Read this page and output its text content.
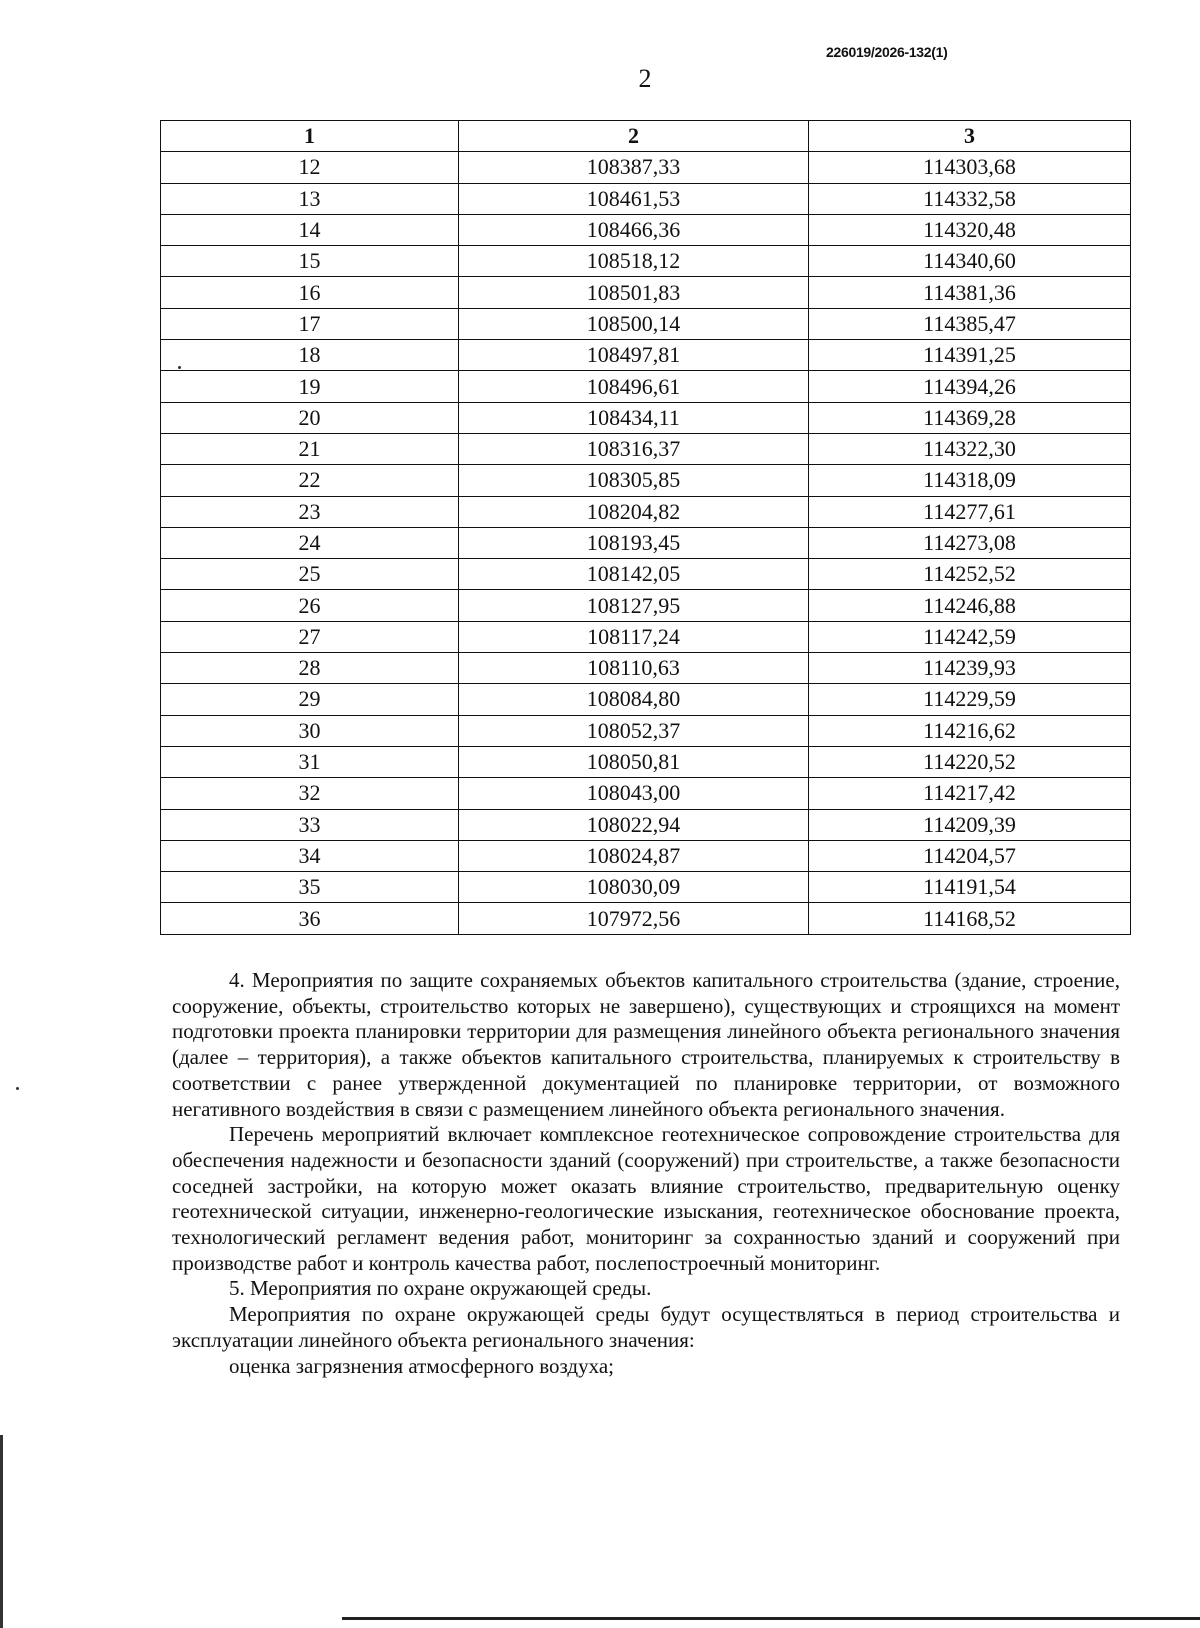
226019/2026-132(1)
2
1	2	3
12	108387,33	114303,68
13	108461,53	114332,58
14	108466,36	114320,48
15	108518,12	114340,60
16	108501,83	114381,36
17	108500,14	114385,47
18	108497,81	114391,25
19	108496,61	114394,26
20	108434,11	114369,28
21	108316,37	114322,30
22	108305,85	114318,09
23	108204,82	114277,61
24	108193,45	114273,08
25	108142,05	114252,52
26	108127,95	114246,88
27	108117,24	114242,59
28	108110,63	114239,93
29	108084,80	114229,59
30	108052,37	114216,62
31	108050,81	114220,52
32	108043,00	114217,42
33	108022,94	114209,39
34	108024,87	114204,57
35	108030,09	114191,54
36	107972,56	114168,52

4. Мероприятия по защите сохраняемых объектов капитального строительства (здание, строение, сооружение, объекты, строительство которых не завершено), существующих и строящихся на момент подготовки проекта планировки территории для размещения линейного объекта регионального значения (далее – территория), а также объектов капитального строительства, планируемых к строительству в соответствии с ранее утвержденной документацией по планировке территории, от возможного негативного воздействия в связи с размещением линейного объекта регионального значения.

Перечень мероприятий включает комплексное геотехническое сопровождение строительства для обеспечения надежности и безопасности зданий (сооружений) при строительстве, а также безопасности соседней застройки, на которую может оказать влияние строительство, предварительную оценку геотехнической ситуации, инженерно-геологические изыскания, геотехническое обоснование проекта, технологический регламент ведения работ, мониторинг за сохранностью зданий и сооружений при производстве работ и контроль качества работ, послепостроечный мониторинг.

5. Мероприятия по охране окружающей среды.

Мероприятия по охране окружающей среды будут осуществляться в период строительства и эксплуатации линейного объекта регионального значения:

оценка загрязнения атмосферного воздуха;
